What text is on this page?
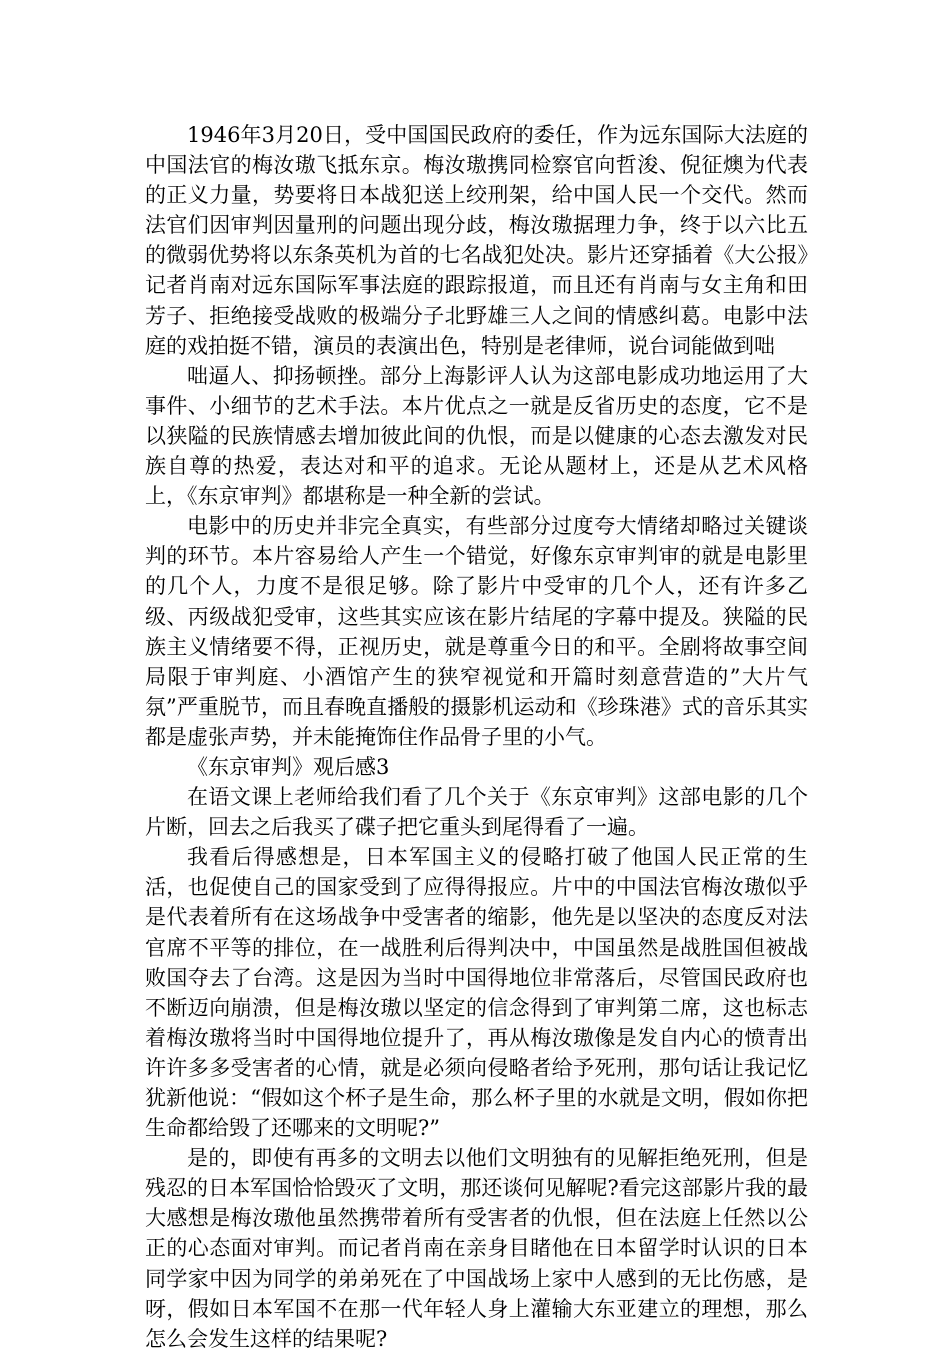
1946年3月20日，受中国国民政府的委任，作为远东国际大法庭的中国法官的梅汝璈飞抵东京。梅汝璈携同检察官向哲浚、倪征燠为代表的正义力量，势要将日本战犯送上绞刑架，给中国人民一个交代。然而法官们因审判因量刑的问题出现分歧，梅汝璈据理力争，终于以六比五的微弱优势将以东条英机为首的七名战犯处决。影片还穿插着《大公报》记者肖南对远东国际军事法庭的跟踪报道，而且还有肖南与女主角和田芳子、拒绝接受战败的极端分子北野雄三人之间的情感纠葛。电影中法庭的戏拍挺不错，演员的表演出色，特别是老律师，说台词能做到咄

咄逼人、抑扬顿挫。部分上海影评人认为这部电影成功地运用了大事件、小细节的艺术手法。本片优点之一就是反省历史的态度，它不是以狭隘的民族情感去增加彼此间的仇恨，而是以健康的心态去激发对民族自尊的热爱，表达对和平的追求。无论从题材上，还是从艺术风格上，《东京审判》都堪称是一种全新的尝试。

电影中的历史并非完全真实，有些部分过度夸大情绪却略过关键谈判的环节。本片容易给人产生一个错觉，好像东京审判审的就是电影里的几个人，力度不是很足够。除了影片中受审的几个人，还有许多乙级、丙级战犯受审，这些其实应该在影片结尾的字幕中提及。狭隘的民族主义情绪要不得，正视历史，就是尊重今日的和平。全剧将故事空间局限于审判庭、小酒馆产生的狭窄视觉和开篇时刻意营造的”大片气氛”严重脱节，而且春晚直播般的摄影机运动和《珍珠港》式的音乐其实都是虚张声势，并未能掩饰住作品骨子里的小气。

《东京审判》观后感3

在语文课上老师给我们看了几个关于《东京审判》这部电影的几个片断，回去之后我买了碟子把它重头到尾得看了一遍。

我看后得感想是，日本军国主义的侵略打破了他国人民正常的生活，也促使自己的国家受到了应得得报应。片中的中国法官梅汝璈似乎是代表着所有在这场战争中受害者的缩影，他先是以坚决的态度反对法官席不平等的排位，在一战胜利后得判决中，中国虽然是战胜国但被战败国夺去了台湾。这是因为当时中国得地位非常落后，尽管国民政府也不断迈向崩溃，但是梅汝璈以坚定的信念得到了审判第二席，这也标志着梅汝璈将当时中国得地位提升了，再从梅汝璈像是发自内心的愤青出许许多多受害者的心情，就是必须向侵略者给予死刑，那句话让我记忆犹新他说：“假如这个杯子是生命，那么杯子里的水就是文明，假如你把生命都给毁了还哪来的文明呢?”

是的，即使有再多的文明去以他们文明独有的见解拒绝死刑，但是残忍的日本军国恰恰毁灭了文明，那还谈何见解呢?看完这部影片我的最大感想是梅汝璈他虽然携带着所有受害者的仇恨，但在法庭上任然以公正的心态面对审判。而记者肖南在亲身目睹他在日本留学时认识的日本同学家中因为同学的弟弟死在了中国战场上家中人感到的无比伤感，是呀，假如日本军国不在那一代年轻人身上灌输大东亚建立的理想，那么怎么会发生这样的结果呢?
